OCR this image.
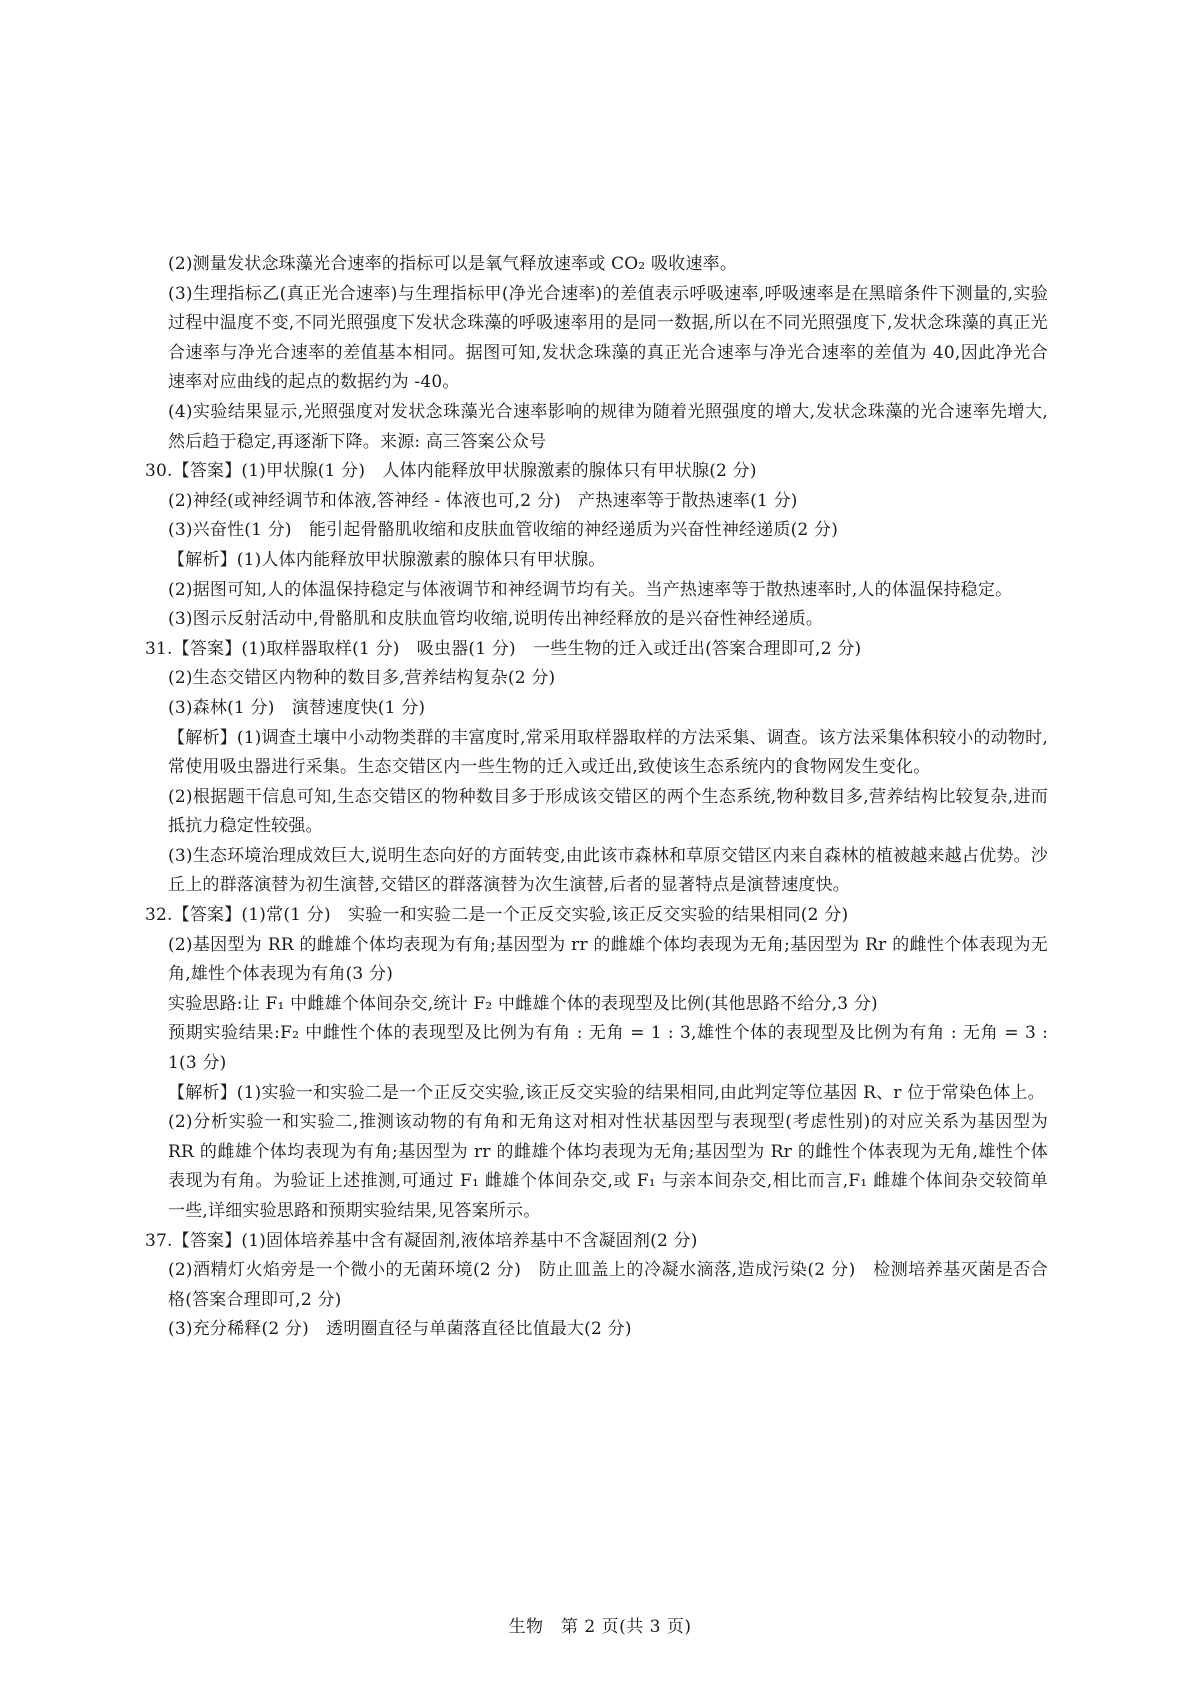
(2)测量发状念珠藻光合速率的指标可以是氧气释放速率或 CO₂ 吸收速率。

(3)生理指标乙(真正光合速率)与生理指标甲(净光合速率)的差值表示呼吸速率,呼吸速率是在黑暗条件下测量的,实验过程中温度不变,不同光照强度下发状念珠藻的呼吸速率用的是同一数据,所以在不同光照强度下,发状念珠藻的真正光合速率与净光合速率的差值基本相同。据图可知,发状念珠藻的真正光合速率与净光合速率的差值为 40,因此净光合速率对应曲线的起点的数据约为 -40。

(4)实验结果显示,光照强度对发状念珠藻光合速率影响的规律为随着光照强度的增大,发状念珠藻的光合速率先增大,然后趋于稳定,再逐渐下降。来源: 高三答案公众号

30.【答案】(1)甲状腺(1 分)　人体内能释放甲状腺激素的腺体只有甲状腺(2 分)

(2)神经(或神经调节和体液,答神经 - 体液也可,2 分)　产热速率等于散热速率(1 分)

(3)兴奋性(1 分)　能引起骨骼肌收缩和皮肤血管收缩的神经递质为兴奋性神经递质(2 分)

【解析】(1)人体内能释放甲状腺激素的腺体只有甲状腺。

(2)据图可知,人的体温保持稳定与体液调节和神经调节均有关。当产热速率等于散热速率时,人的体温保持稳定。

(3)图示反射活动中,骨骼肌和皮肤血管均收缩,说明传出神经释放的是兴奋性神经递质。

31.【答案】(1)取样器取样(1 分)　吸虫器(1 分)　一些生物的迁入或迁出(答案合理即可,2 分)

(2)生态交错区内物种的数目多,营养结构复杂(2 分)

(3)森林(1 分)　演替速度快(1 分)

【解析】(1)调查土壤中小动物类群的丰富度时,常采用取样器取样的方法采集、调查。该方法采集体积较小的动物时,常使用吸虫器进行采集。生态交错区内一些生物的迁入或迁出,致使该生态系统内的食物网发生变化。

(2)根据题干信息可知,生态交错区的物种数目多于形成该交错区的两个生态系统,物种数目多,营养结构比较复杂,进而抵抗力稳定性较强。

(3)生态环境治理成效巨大,说明生态向好的方面转变,由此该市森林和草原交错区内来自森林的植被越来越占优势。沙丘上的群落演替为初生演替,交错区的群落演替为次生演替,后者的显著特点是演替速度快。

32.【答案】(1)常(1 分)　实验一和实验二是一个正反交实验,该正反交实验的结果相同(2 分)

(2)基因型为 RR 的雌雄个体均表现为有角;基因型为 rr 的雌雄个体均表现为无角;基因型为 Rr 的雌性个体表现为无角,雄性个体表现为有角(3 分)

实验思路:让 F₁ 中雌雄个体间杂交,统计 F₂ 中雌雄个体的表现型及比例(其他思路不给分,3 分)

预期实验结果:F₂ 中雌性个体的表现型及比例为有角 : 无角 = 1 : 3,雄性个体的表现型及比例为有角 : 无角 = 3 : 1(3 分)

【解析】(1)实验一和实验二是一个正反交实验,该正反交实验的结果相同,由此判定等位基因 R、r 位于常染色体上。

(2)分析实验一和实验二,推测该动物的有角和无角这对相对性状基因型与表现型(考虑性别)的对应关系为基因型为 RR 的雌雄个体均表现为有角;基因型为 rr 的雌雄个体均表现为无角;基因型为 Rr 的雌性个体表现为无角,雄性个体表现为有角。为验证上述推测,可通过 F₁ 雌雄个体间杂交,或 F₁ 与亲本间杂交,相比而言,F₁ 雌雄个体间杂交较简单一些,详细实验思路和预期实验结果,见答案所示。

37.【答案】(1)固体培养基中含有凝固剂,液体培养基中不含凝固剂(2 分)

(2)酒精灯火焰旁是一个微小的无菌环境(2 分)　防止皿盖上的冷凝水滴落,造成污染(2 分)　检测培养基灭菌是否合格(答案合理即可,2 分)

(3)充分稀释(2 分)　透明圈直径与单菌落直径比值最大(2 分)

生物　第 2 页(共 3 页)
